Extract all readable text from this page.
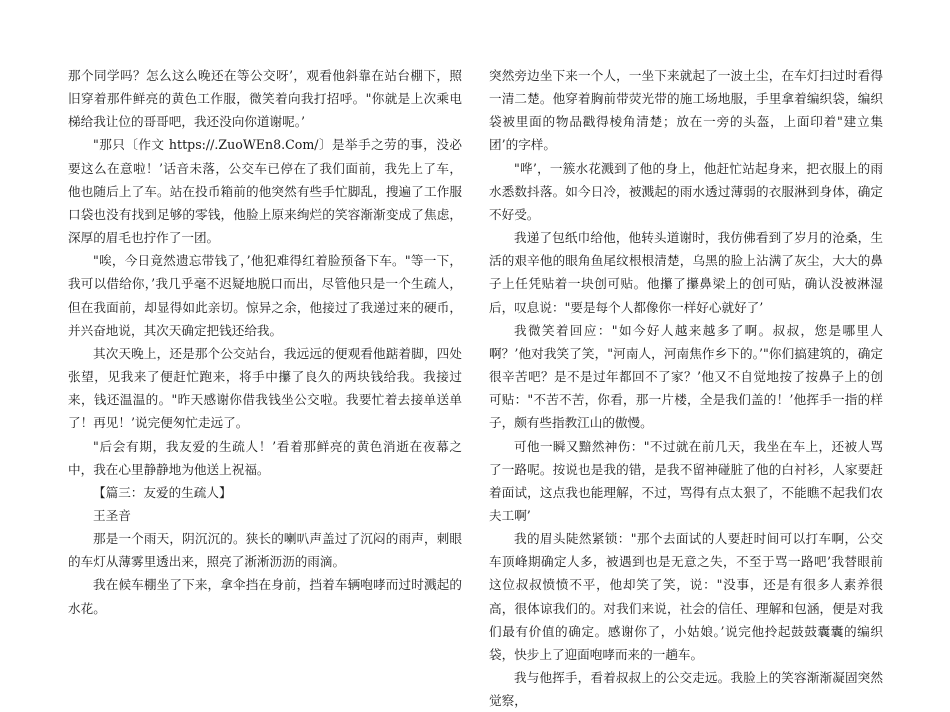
那个同学吗？怎么这么晚还在等公交呀’，观看他斜靠在站台棚下，照旧穿着那件鲜亮的黄色工作服，微笑着向我打招呼。"你就是上次乘电梯给我让位的哥哥吧，我还没向你道谢呢。’

"那只〔作文 https://.ZuoWEn8.Com/〕是举手之劳的事，没必要这么在意啦！’话音未落，公交车已停在了我们面前，我先上了车，他也随后上了车。站在投币箱前的他突然有些手忙脚乱，搜遍了工作服口袋也没有找到足够的零钱，他脸上原来绚烂的笑容渐渐变成了焦虑，深厚的眉毛也拧作了一团。

"唉，今日竟然遗忘带钱了，’他犯难得红着脸预备下车。"等一下，我可以借给你，’我几乎毫不迟疑地脱口而出，尽管他只是一个生疏人，但在我面前，却显得如此亲切。惊异之余，他接过了我递过来的硬币，并兴奋地说，其次天确定把钱还给我。

其次天晚上，还是那个公交站台，我远远的便观看他踮着脚，四处张望，见我来了便赶忙跑来，将手中攥了良久的两块钱给我。我接过来，钱还温温的。"昨天感谢你借我钱坐公交啦。我要忙着去接单送单了！再见！’说完便匆忙走远了。

"后会有期，我友爱的生疏人！’看着那鲜亮的黄色消逝在夜幕之中，我在心里静静地为他送上祝福。

【篇三：友爱的生疏人】

王圣音

那是一个雨天，阴沉沉的。狭长的喇叭声盖过了沉闷的雨声，刺眼的车灯从薄雾里透出来，照亮了淅淅沥沥的雨滴。

我在候车棚坐了下来，拿伞挡在身前，挡着车辆咆哮而过时溅起的水花。

突然旁边坐下来一个人，一坐下来就起了一波土尘，在车灯扫过时看得一清二楚。他穿着胸前带荧光带的施工场地服，手里拿着编织袋，编织袋被里面的物品戳得棱角清楚；放在一旁的头盔，上面印着"建立集团’的字样。

"哗’，一簇水花溅到了他的身上，他赶忙站起身来，把衣服上的雨水悉数抖落。如今日冷，被溅起的雨水透过薄弱的衣服淋到身体，确定不好受。

我递了包纸巾给他，他转头道谢时，我仿佛看到了岁月的沧桑，生活的艰辛他的眼角鱼尾纹根根清楚，乌黑的脸上沾满了灰尘，大大的鼻子上任凭贴着一块创可贴。他攥了攥鼻梁上的创可贴，确认没被淋湿后，叹息说："要是每个人都像你一样好心就好了’

我微笑着回应："如今好人越来越多了啊。叔叔，您是哪里人啊？’他对我笑了笑，"河南人，河南焦作乡下的。’"你们搞建筑的，确定很辛苦吧？是不是过年都回不了家？’他又不自觉地按了按鼻子上的创可贴："不苦不苦，你看，那一片楼，全是我们盖的！’他挥手一指的样子，颇有些指教江山的傲慢。

可他一瞬又黯然神伤："不过就在前几天，我坐在车上，还被人骂了一路呢。按说也是我的错，是我不留神碰脏了他的白衬衫，人家要赶着面试，这点我也能理解，不过，骂得有点太狠了，不能瞧不起我们农夫工啊’

我的眉头陡然紧锁："那个去面试的人要赶时间可以打车啊，公交车顶峰期确定人多，被遇到也是无意之失，不至于骂一路吧’我替眼前这位叔叔愤愤不平，他却笑了笑，说："没事，还是有很多人素养很高，很体谅我们的。对我们来说，社会的信任、理解和包涵，便是对我们最有价值的确定。感谢你了，小姑娘。’说完他拎起鼓鼓囊囊的编织袋，快步上了迎面咆哮而来的一趟车。

我与他挥手，看着叔叔上的公交走远。我脸上的笑容渐渐凝固突然觉察，
